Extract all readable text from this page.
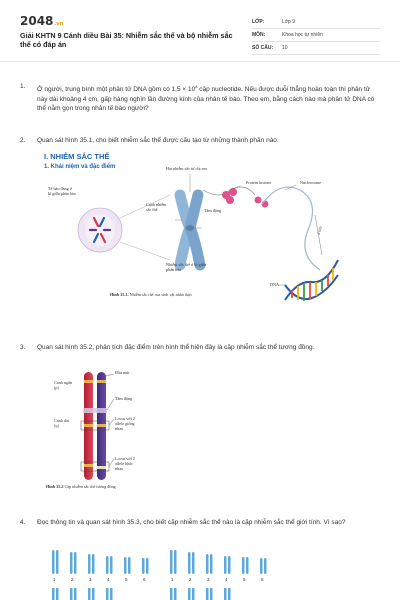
2048.vn
Giải KHTN 9 Cánh diều Bài 35: Nhiễm sắc thể và bộ nhiễm sắc thể có đáp án
LỚP:	Lớp 9
MÔN:	Khoa học tự nhiên
SỐ CÂU:	10
1. Ở người, trung bình một phân tử DNA gồm có $1,5 \times 10^8$ cặp nucleotide. Nếu được duỗi thẳng hoàn toàn thì phân tử này dài khoảng 4 cm, gấp hàng nghìn lần đường kính của nhân tế bào. Theo em, bằng cách nào mà phân tử DNA có thể nằm gọn trong nhân tế bào người?
2. Quan sát hình 35.1, cho biết nhiễm sắc thể được cấu tạo từ những thành phần nào.
I. NHIỄM SẮC THỂ
1. Khái niệm và đặc điểm
Tế bào đang ở kì giữa phân bào
Hai nhiễm sắc tử chị em
Protein histone	Nucleosome
Cánh nhiễm sắc thể	Tâm động
Nhiễm sắc thể ở kì giữa phân bào
DNA
2 nm
Hình 35.1. Nhiễm sắc thể của sinh vật nhân thực
3. Quan sát hình 35.2, phân tích đặc điểm trên hình thể hiện đây là cặp nhiễm sắc thể tương đồng.
Cánh ngắn (p)
Cánh dài (q)
Đầu mút
Tâm động
Locus với 2 allele giống nhau
Locus với 2 allele khác nhau
Hình 35.2 Cặp nhiễm sắc thể tương đồng
4. Đọc thông tin và quan sát hình 35.3, cho biết cặp nhiễm sắc thể nào là cặp nhiễm sắc thể giới tính. Vì sao?
1	2	3	4	5	6	1	2	3	4	5	6
